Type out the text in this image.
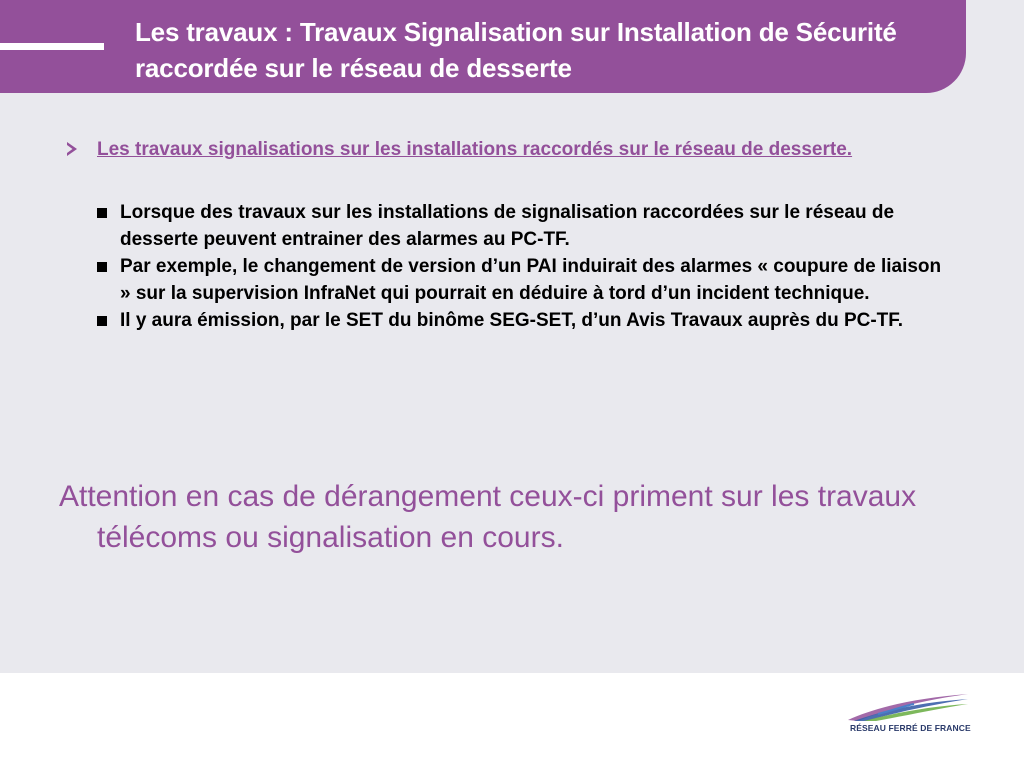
Les travaux : Travaux Signalisation sur Installation de Sécurité raccordée sur le réseau de desserte
Les travaux signalisations sur les installations raccordés sur le réseau de desserte.
Lorsque des travaux sur les installations de signalisation raccordées sur le réseau de desserte peuvent entrainer des alarmes au PC-TF.
Par exemple, le changement de version d’un PAI induirait des alarmes « coupure de liaison » sur la supervision InfraNet qui pourrait en déduire à tord d’un incident technique.
Il y aura émission, par le SET du binôme SEG-SET, d’un Avis Travaux auprès du PC-TF.

Attention en cas de dérangement ceux-ci priment sur les travaux télécoms ou signalisation en cours.

RÉSEAU FERRÉ DE FRANCE
